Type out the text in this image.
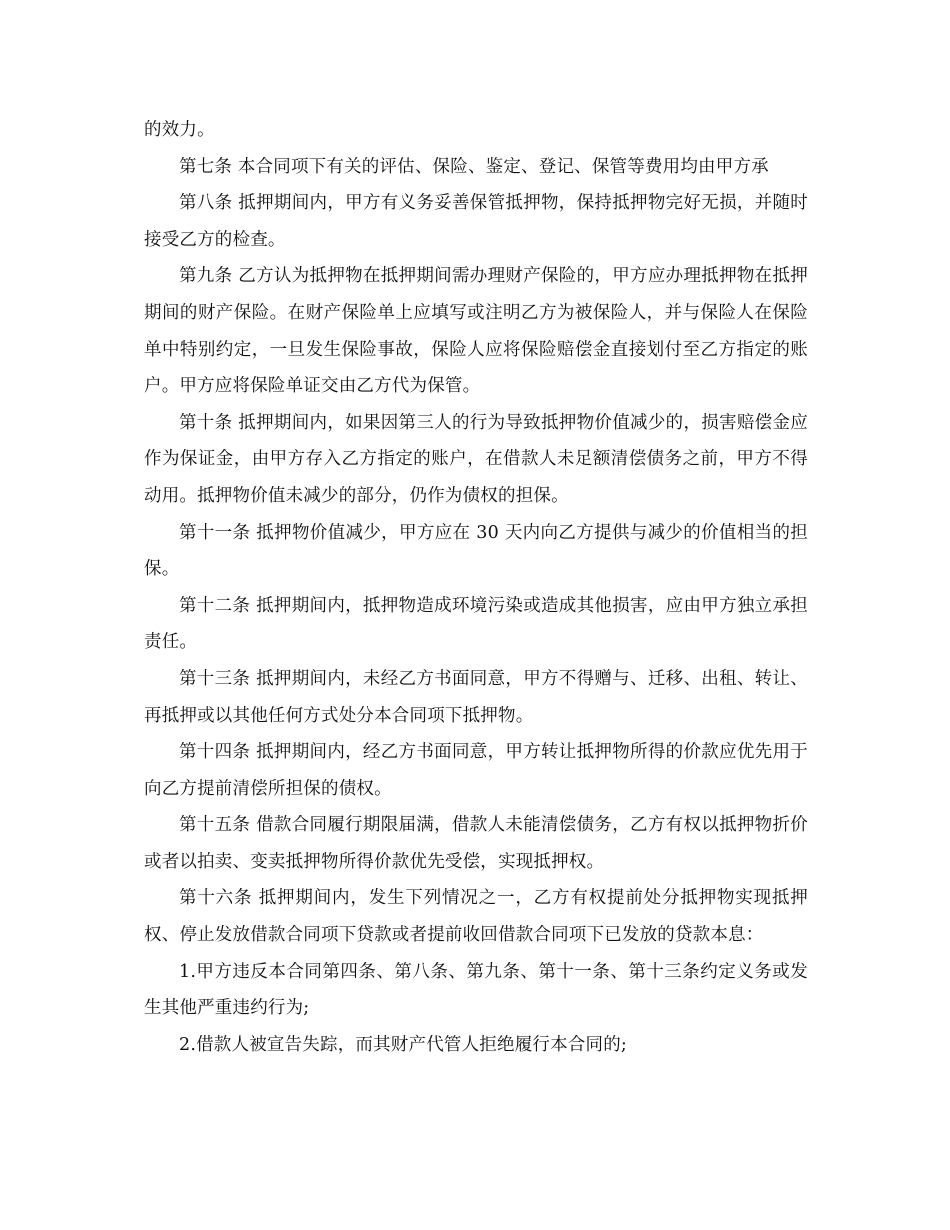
的效力。

第七条 本合同项下有关的评估、保险、鉴定、登记、保管等费用均由甲方承

第八条 抵押期间内，甲方有义务妥善保管抵押物，保持抵押物完好无损，并随时接受乙方的检查。

第九条 乙方认为抵押物在抵押期间需办理财产保险的，甲方应办理抵押物在抵押期间的财产保险。在财产保险单上应填写或注明乙方为被保险人，并与保险人在保险单中特别约定，一旦发生保险事故，保险人应将保险赔偿金直接划付至乙方指定的账户。甲方应将保险单证交由乙方代为保管。

第十条 抵押期间内，如果因第三人的行为导致抵押物价值减少的，损害赔偿金应作为保证金，由甲方存入乙方指定的账户，在借款人未足额清偿债务之前，甲方不得动用。抵押物价值未减少的部分，仍作为债权的担保。

第十一条 抵押物价值减少，甲方应在 30 天内向乙方提供与减少的价值相当的担保。

第十二条 抵押期间内，抵押物造成环境污染或造成其他损害，应由甲方独立承担责任。

第十三条 抵押期间内，未经乙方书面同意，甲方不得赠与、迁移、出租、转让、再抵押或以其他任何方式处分本合同项下抵押物。

第十四条 抵押期间内，经乙方书面同意，甲方转让抵押物所得的价款应优先用于向乙方提前清偿所担保的债权。

第十五条 借款合同履行期限届满，借款人未能清偿债务，乙方有权以抵押物折价或者以拍卖、变卖抵押物所得价款优先受偿，实现抵押权。

第十六条 抵押期间内，发生下列情况之一，乙方有权提前处分抵押物实现抵押权、停止发放借款合同项下贷款或者提前收回借款合同项下已发放的贷款本息：

1.甲方违反本合同第四条、第八条、第九条、第十一条、第十三条约定义务或发生其他严重违约行为;

2.借款人被宣告失踪，而其财产代管人拒绝履行本合同的;
